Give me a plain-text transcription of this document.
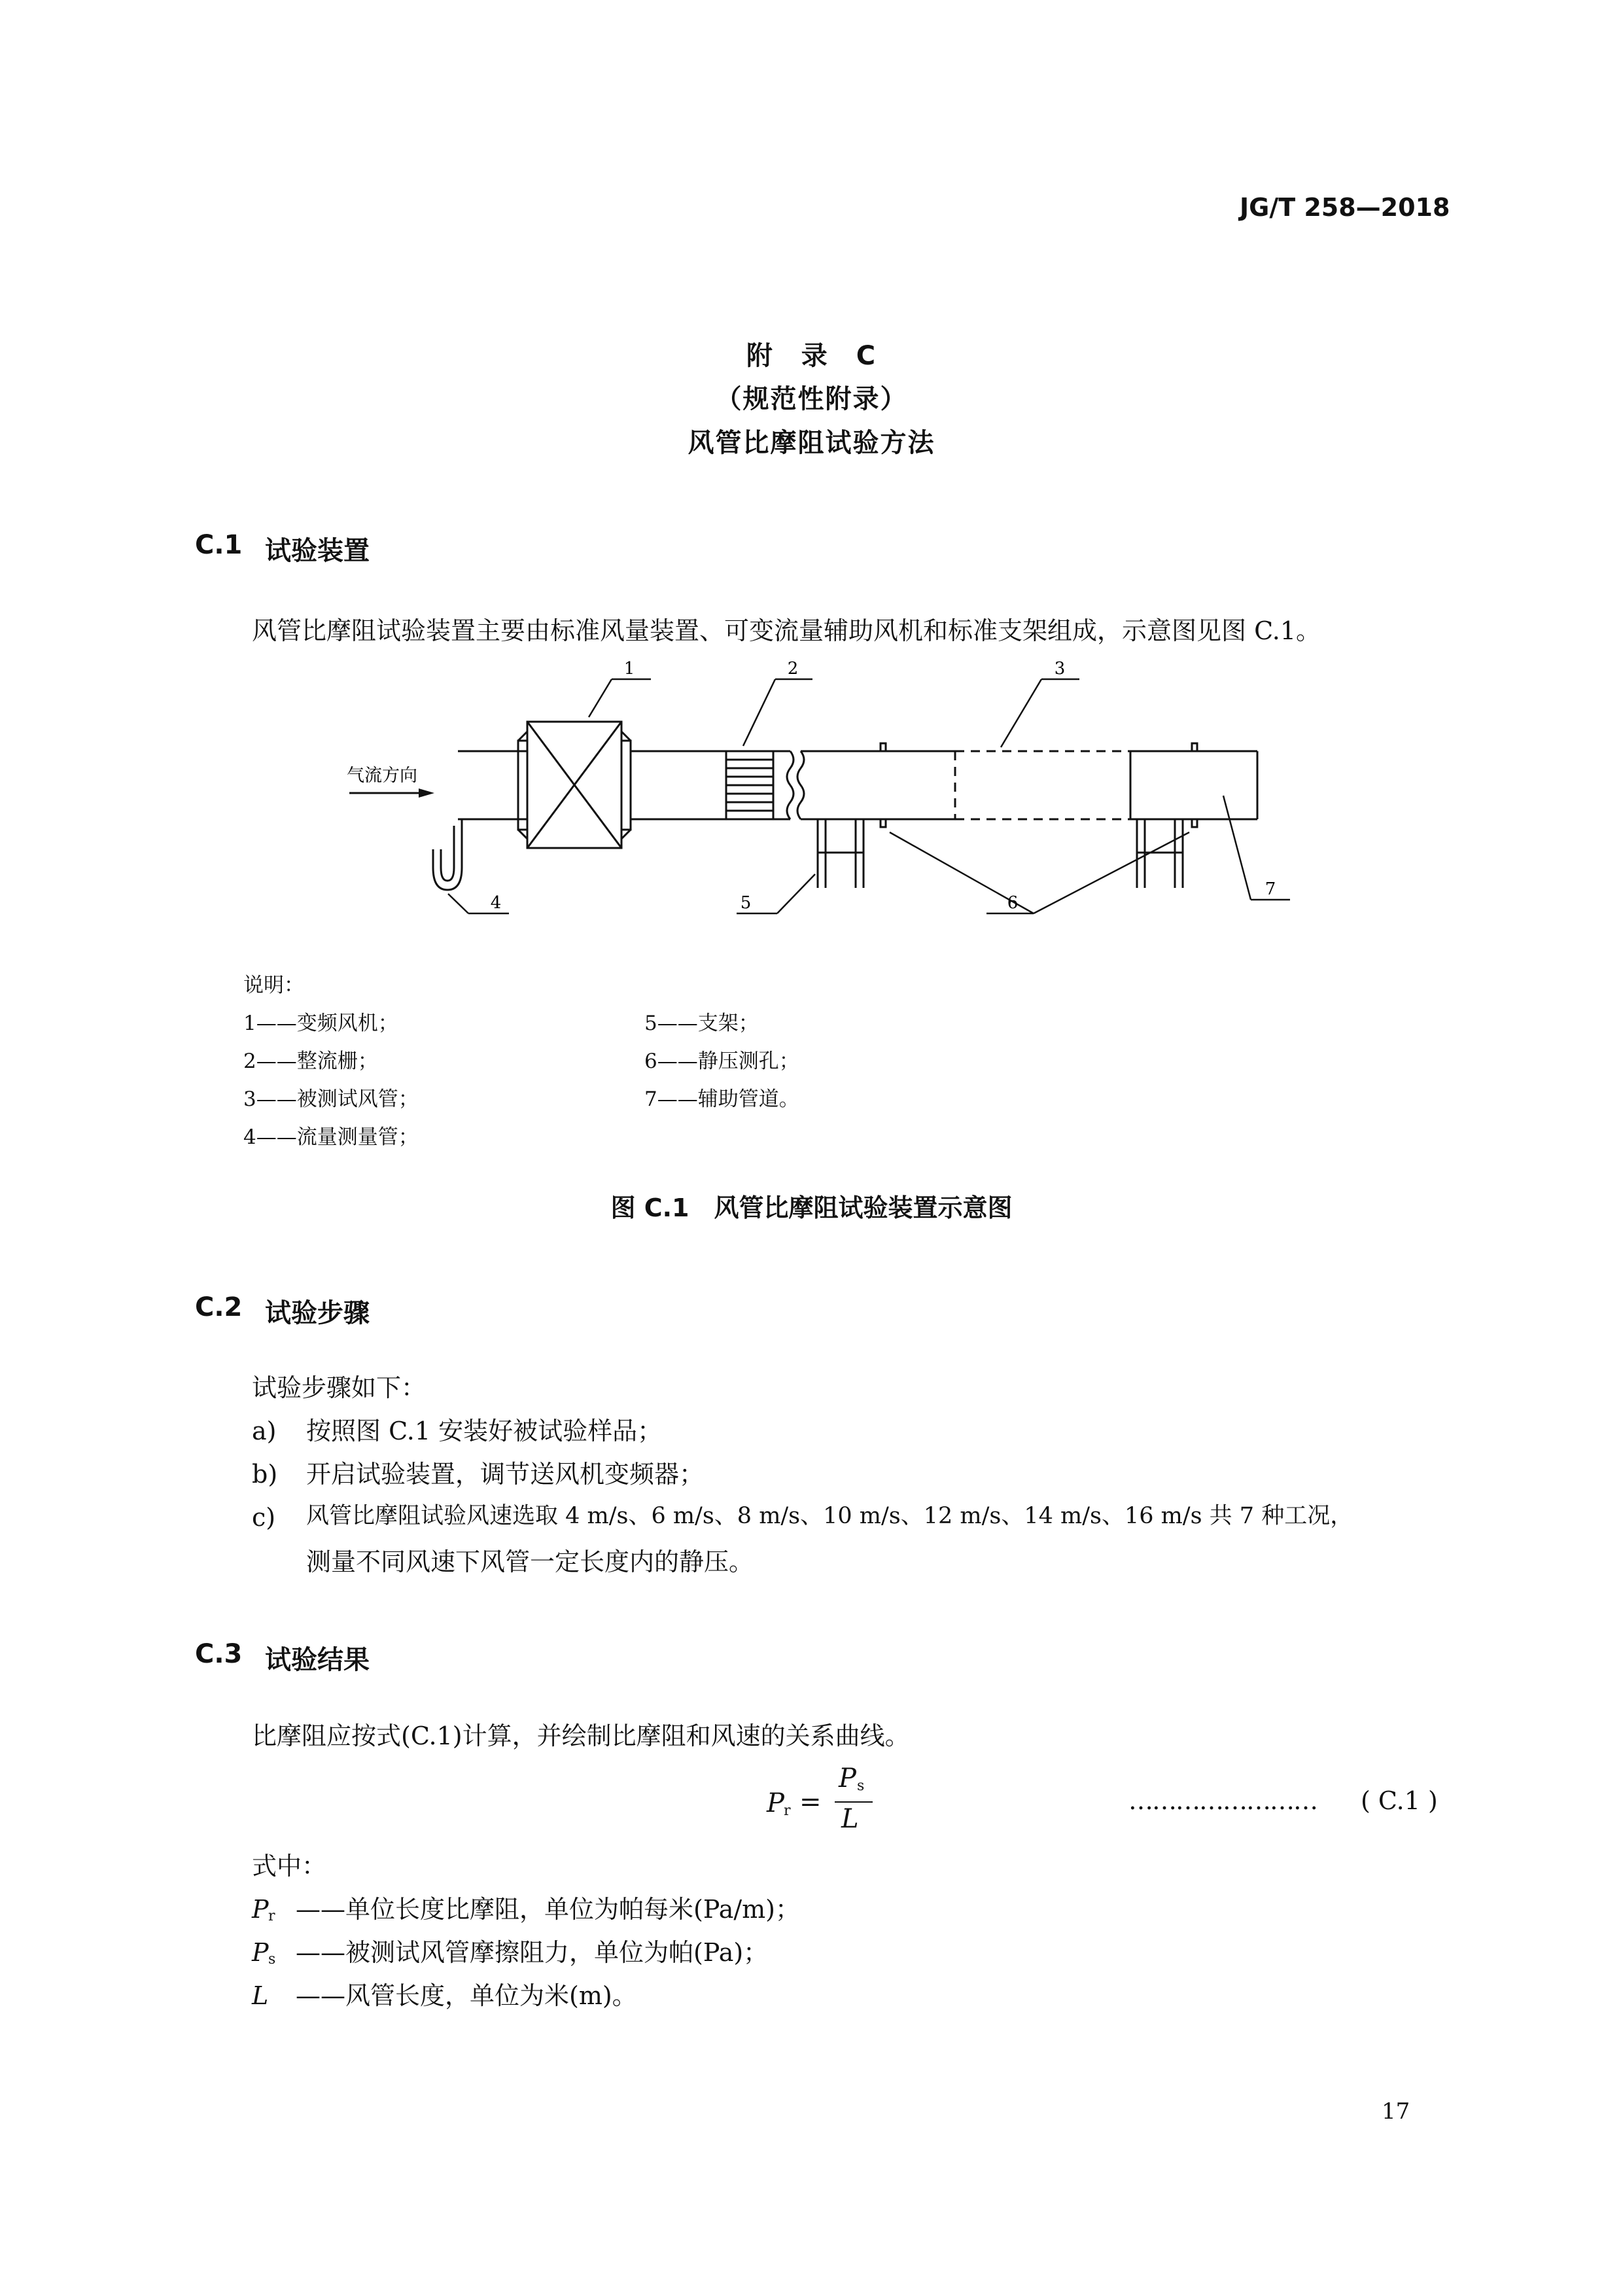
JG/T 258—2018
附　录　C
（规范性附录）
风管比摩阻试验方法
C.1 试验装置
风管比摩阻试验装置主要由标准风量装置、可变流量辅助风机和标准支架组成，示意图见图 C.1。
1	2	3
4	5	6
7
气流方向
说明：
1——变频风机；
2——整流栅；
3——被测试风管；
4——流量测量管；
5——支架；
6——静压测孔；
7——辅助管道。
图 C.1　风管比摩阻试验装置示意图
C.2 试验步骤
试验步骤如下：
a) 按照图 C.1 安装好被试验样品；
b) 开启试验装置，调节送风机变频器；
c) 风管比摩阻试验风速选取 4 m/s、6 m/s、8 m/s、10 m/s、12 m/s、14 m/s、16 m/s 共 7 种工况，
测量不同风速下风管一定长度内的静压。
C.3 试验结果
比摩阻应按式(C.1)计算，并绘制比摩阻和风速的关系曲线。
P r =
P s
L
…………………… ( C.1 )
式中：
P r ——单位长度比摩阻，单位为帕每米(Pa/m)；
P s ——被测试风管摩擦阻力，单位为帕(Pa)；
L ——风管长度，单位为米(m)。
17
